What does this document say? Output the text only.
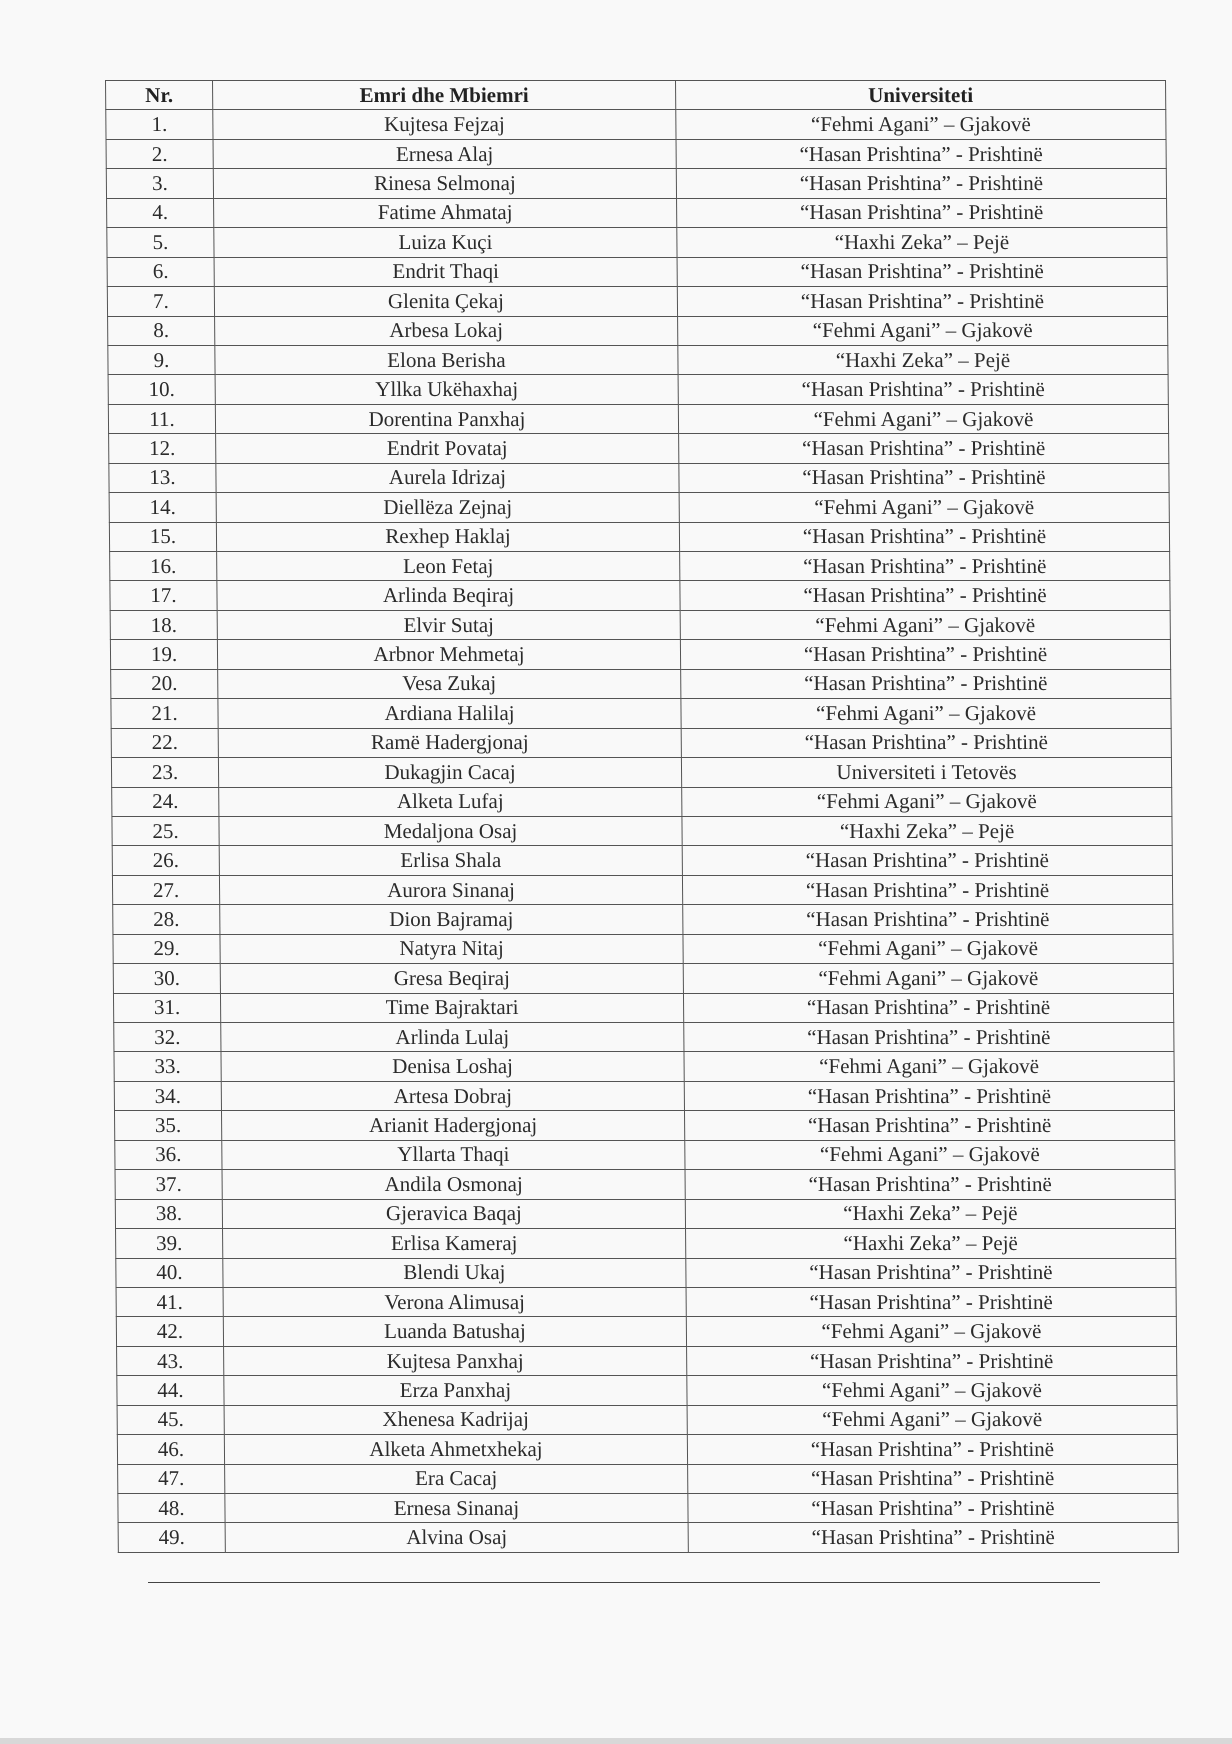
Nr.	Emri dhe Mbiemri	Universiteti
1.	Kujtesa Fejzaj	“Fehmi Agani” – Gjakovë
2.	Ernesa Alaj	“Hasan Prishtina” - Prishtinë
3.	Rinesa Selmonaj	“Hasan Prishtina” - Prishtinë
4.	Fatime Ahmataj	“Hasan Prishtina” - Prishtinë
5.	Luiza Kuçi	“Haxhi Zeka” – Pejë
6.	Endrit Thaqi	“Hasan Prishtina” - Prishtinë
7.	Glenita Çekaj	“Hasan Prishtina” - Prishtinë
8.	Arbesa Lokaj	“Fehmi Agani” – Gjakovë
9.	Elona Berisha	“Haxhi Zeka” – Pejë
10.	Yllka Ukëhaxhaj	“Hasan Prishtina” - Prishtinë
11.	Dorentina Panxhaj	“Fehmi Agani” – Gjakovë
12.	Endrit Povataj	“Hasan Prishtina” - Prishtinë
13.	Aurela Idrizaj	“Hasan Prishtina” - Prishtinë
14.	Diellëza Zejnaj	“Fehmi Agani” – Gjakovë
15.	Rexhep Haklaj	“Hasan Prishtina” - Prishtinë
16.	Leon Fetaj	“Hasan Prishtina” - Prishtinë
17.	Arlinda Beqiraj	“Hasan Prishtina” - Prishtinë
18.	Elvir Sutaj	“Fehmi Agani” – Gjakovë
19.	Arbnor Mehmetaj	“Hasan Prishtina” - Prishtinë
20.	Vesa Zukaj	“Hasan Prishtina” - Prishtinë
21.	Ardiana Halilaj	“Fehmi Agani” – Gjakovë
22.	Ramë Hadergjonaj	“Hasan Prishtina” - Prishtinë
23.	Dukagjin Cacaj	Universiteti i Tetovës
24.	Alketa Lufaj	“Fehmi Agani” – Gjakovë
25.	Medaljona Osaj	“Haxhi Zeka” – Pejë
26.	Erlisa Shala	“Hasan Prishtina” - Prishtinë
27.	Aurora Sinanaj	“Hasan Prishtina” - Prishtinë
28.	Dion Bajramaj	“Hasan Prishtina” - Prishtinë
29.	Natyra Nitaj	“Fehmi Agani” – Gjakovë
30.	Gresa Beqiraj	“Fehmi Agani” – Gjakovë
31.	Time Bajraktari	“Hasan Prishtina” - Prishtinë
32.	Arlinda Lulaj	“Hasan Prishtina” - Prishtinë
33.	Denisa Loshaj	“Fehmi Agani” – Gjakovë
34.	Artesa Dobraj	“Hasan Prishtina” - Prishtinë
35.	Arianit Hadergjonaj	“Hasan Prishtina” - Prishtinë
36.	Yllarta Thaqi	“Fehmi Agani” – Gjakovë
37.	Andila Osmonaj	“Hasan Prishtina” - Prishtinë
38.	Gjeravica Baqaj	“Haxhi Zeka” – Pejë
39.	Erlisa Kameraj	“Haxhi Zeka” – Pejë
40.	Blendi Ukaj	“Hasan Prishtina” - Prishtinë
41.	Verona Alimusaj	“Hasan Prishtina” - Prishtinë
42.	Luanda Batushaj	“Fehmi Agani” – Gjakovë
43.	Kujtesa Panxhaj	“Hasan Prishtina” - Prishtinë
44.	Erza Panxhaj	“Fehmi Agani” – Gjakovë
45.	Xhenesa Kadrijaj	“Fehmi Agani” – Gjakovë
46.	Alketa Ahmetxhekaj	“Hasan Prishtina” - Prishtinë
47.	Era Cacaj	“Hasan Prishtina” - Prishtinë
48.	Ernesa Sinanaj	“Hasan Prishtina” - Prishtinë
49.	Alvina Osaj	“Hasan Prishtina” - Prishtinë
